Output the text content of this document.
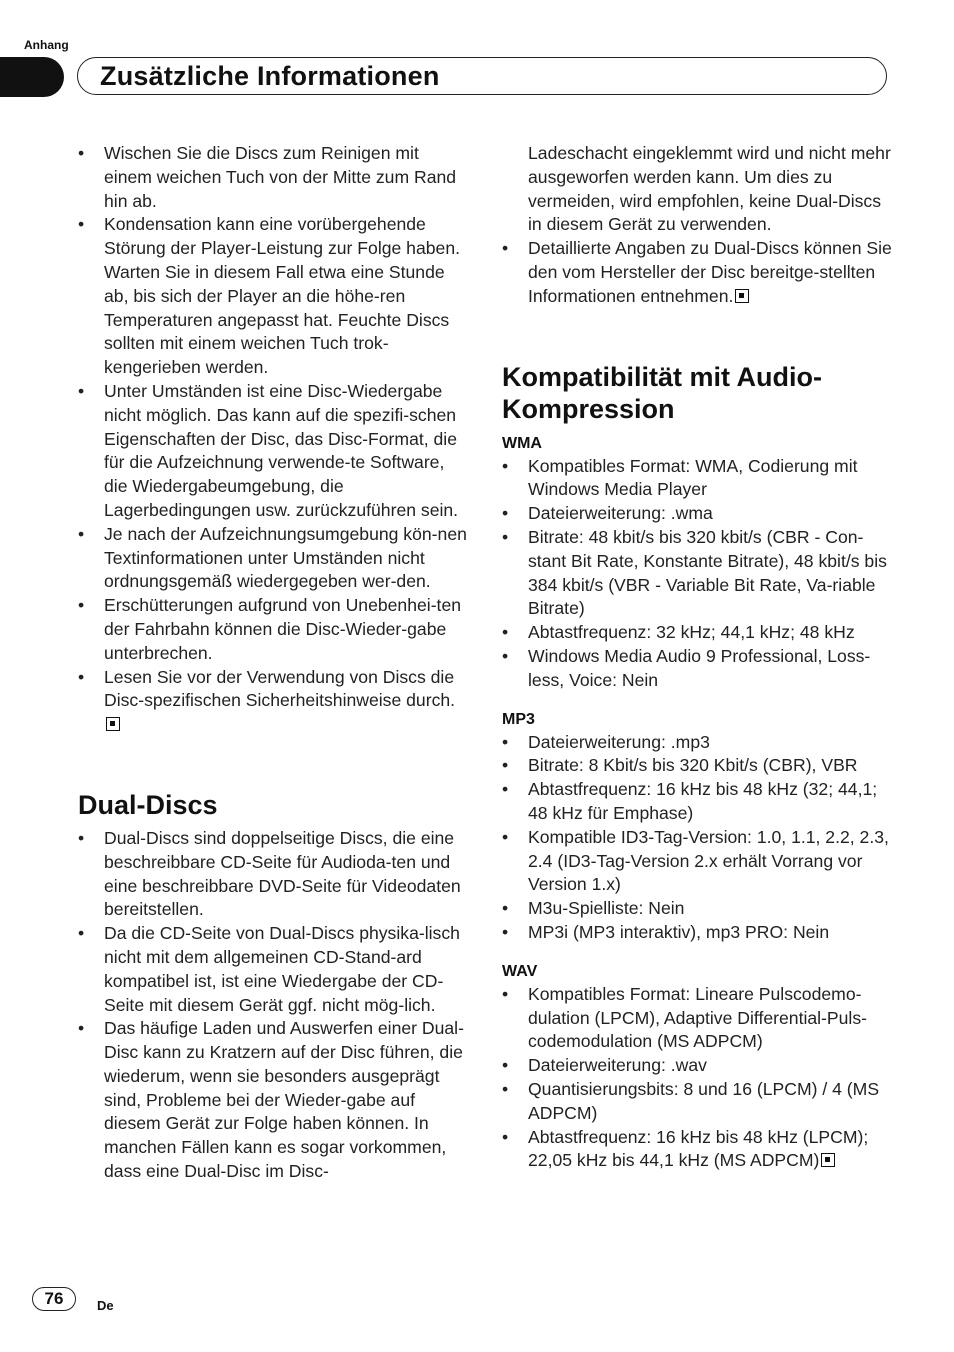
Anhang
Zusätzliche Informationen
• Wischen Sie die Discs zum Reinigen mit einem weichen Tuch von der Mitte zum Rand hin ab.
• Kondensation kann eine vorübergehende Störung der Player-Leistung zur Folge haben. Warten Sie in diesem Fall etwa eine Stunde ab, bis sich der Player an die höhe-ren Temperaturen angepasst hat. Feuchte Discs sollten mit einem weichen Tuch trok-kengerieben werden.
• Unter Umständen ist eine Disc-Wiedergabe nicht möglich. Das kann auf die spezifi-schen Eigenschaften der Disc, das Disc-Format, die für die Aufzeichnung verwende-te Software, die Wiedergabeumgebung, die Lagerbedingungen usw. zurückzuführen sein.
• Je nach der Aufzeichnungsumgebung kön-nen Textinformationen unter Umständen nicht ordnungsgemäß wiedergegeben wer-den.
• Erschütterungen aufgrund von Unebenhei-ten der Fahrbahn können die Disc-Wieder-gabe unterbrechen.
• Lesen Sie vor der Verwendung von Discs die Disc-spezifischen Sicherheitshinweise durch.
Dual-Discs
• Dual-Discs sind doppelseitige Discs, die eine beschreibbare CD-Seite für Audioda-ten und eine beschreibbare DVD-Seite für Videodaten bereitstellen.
• Da die CD-Seite von Dual-Discs physika-lisch nicht mit dem allgemeinen CD-Stand-ard kompatibel ist, ist eine Wiedergabe der CD-Seite mit diesem Gerät ggf. nicht mög-lich.
• Das häufige Laden und Auswerfen einer Dual-Disc kann zu Kratzern auf der Disc führen, die wiederum, wenn sie besonders ausgeprägt sind, Probleme bei der Wieder-gabe auf diesem Gerät zur Folge haben können. In manchen Fällen kann es sogar vorkommen, dass eine Dual-Disc im Disc-
Ladeschacht eingeklemmt wird und nicht mehr ausgeworfen werden kann. Um dies zu vermeiden, wird empfohlen, keine Dual-Discs in diesem Gerät zu verwenden.
• Detaillierte Angaben zu Dual-Discs können Sie den vom Hersteller der Disc bereitge-stellten Informationen entnehmen.
Kompatibilität mit Audio-Kompression
WMA
• Kompatibles Format: WMA, Codierung mit Windows Media Player
• Dateierweiterung: .wma
• Bitrate: 48 kbit/s bis 320 kbit/s (CBR - Con-stant Bit Rate, Konstante Bitrate), 48 kbit/s bis 384 kbit/s (VBR - Variable Bit Rate, Va-riable Bitrate)
• Abtastfrequenz: 32 kHz; 44,1 kHz; 48 kHz
• Windows Media Audio 9 Professional, Loss-less, Voice: Nein
MP3
• Dateierweiterung: .mp3
• Bitrate: 8 Kbit/s bis 320 Kbit/s (CBR), VBR
• Abtastfrequenz: 16 kHz bis 48 kHz (32; 44,1; 48 kHz für Emphase)
• Kompatible ID3-Tag-Version: 1.0, 1.1, 2.2, 2.3, 2.4 (ID3-Tag-Version 2.x erhält Vorrang vor Version 1.x)
• M3u-Spielliste: Nein
• MP3i (MP3 interaktiv), mp3 PRO: Nein
WAV
• Kompatibles Format: Lineare Pulscodemo-dulation (LPCM), Adaptive Differential-Puls-codemodulation (MS ADPCM)
• Dateierweiterung: .wav
• Quantisierungsbits: 8 und 16 (LPCM) / 4 (MS ADPCM)
• Abtastfrequenz: 16 kHz bis 48 kHz (LPCM); 22,05 kHz bis 44,1 kHz (MS ADPCM)
76	De
